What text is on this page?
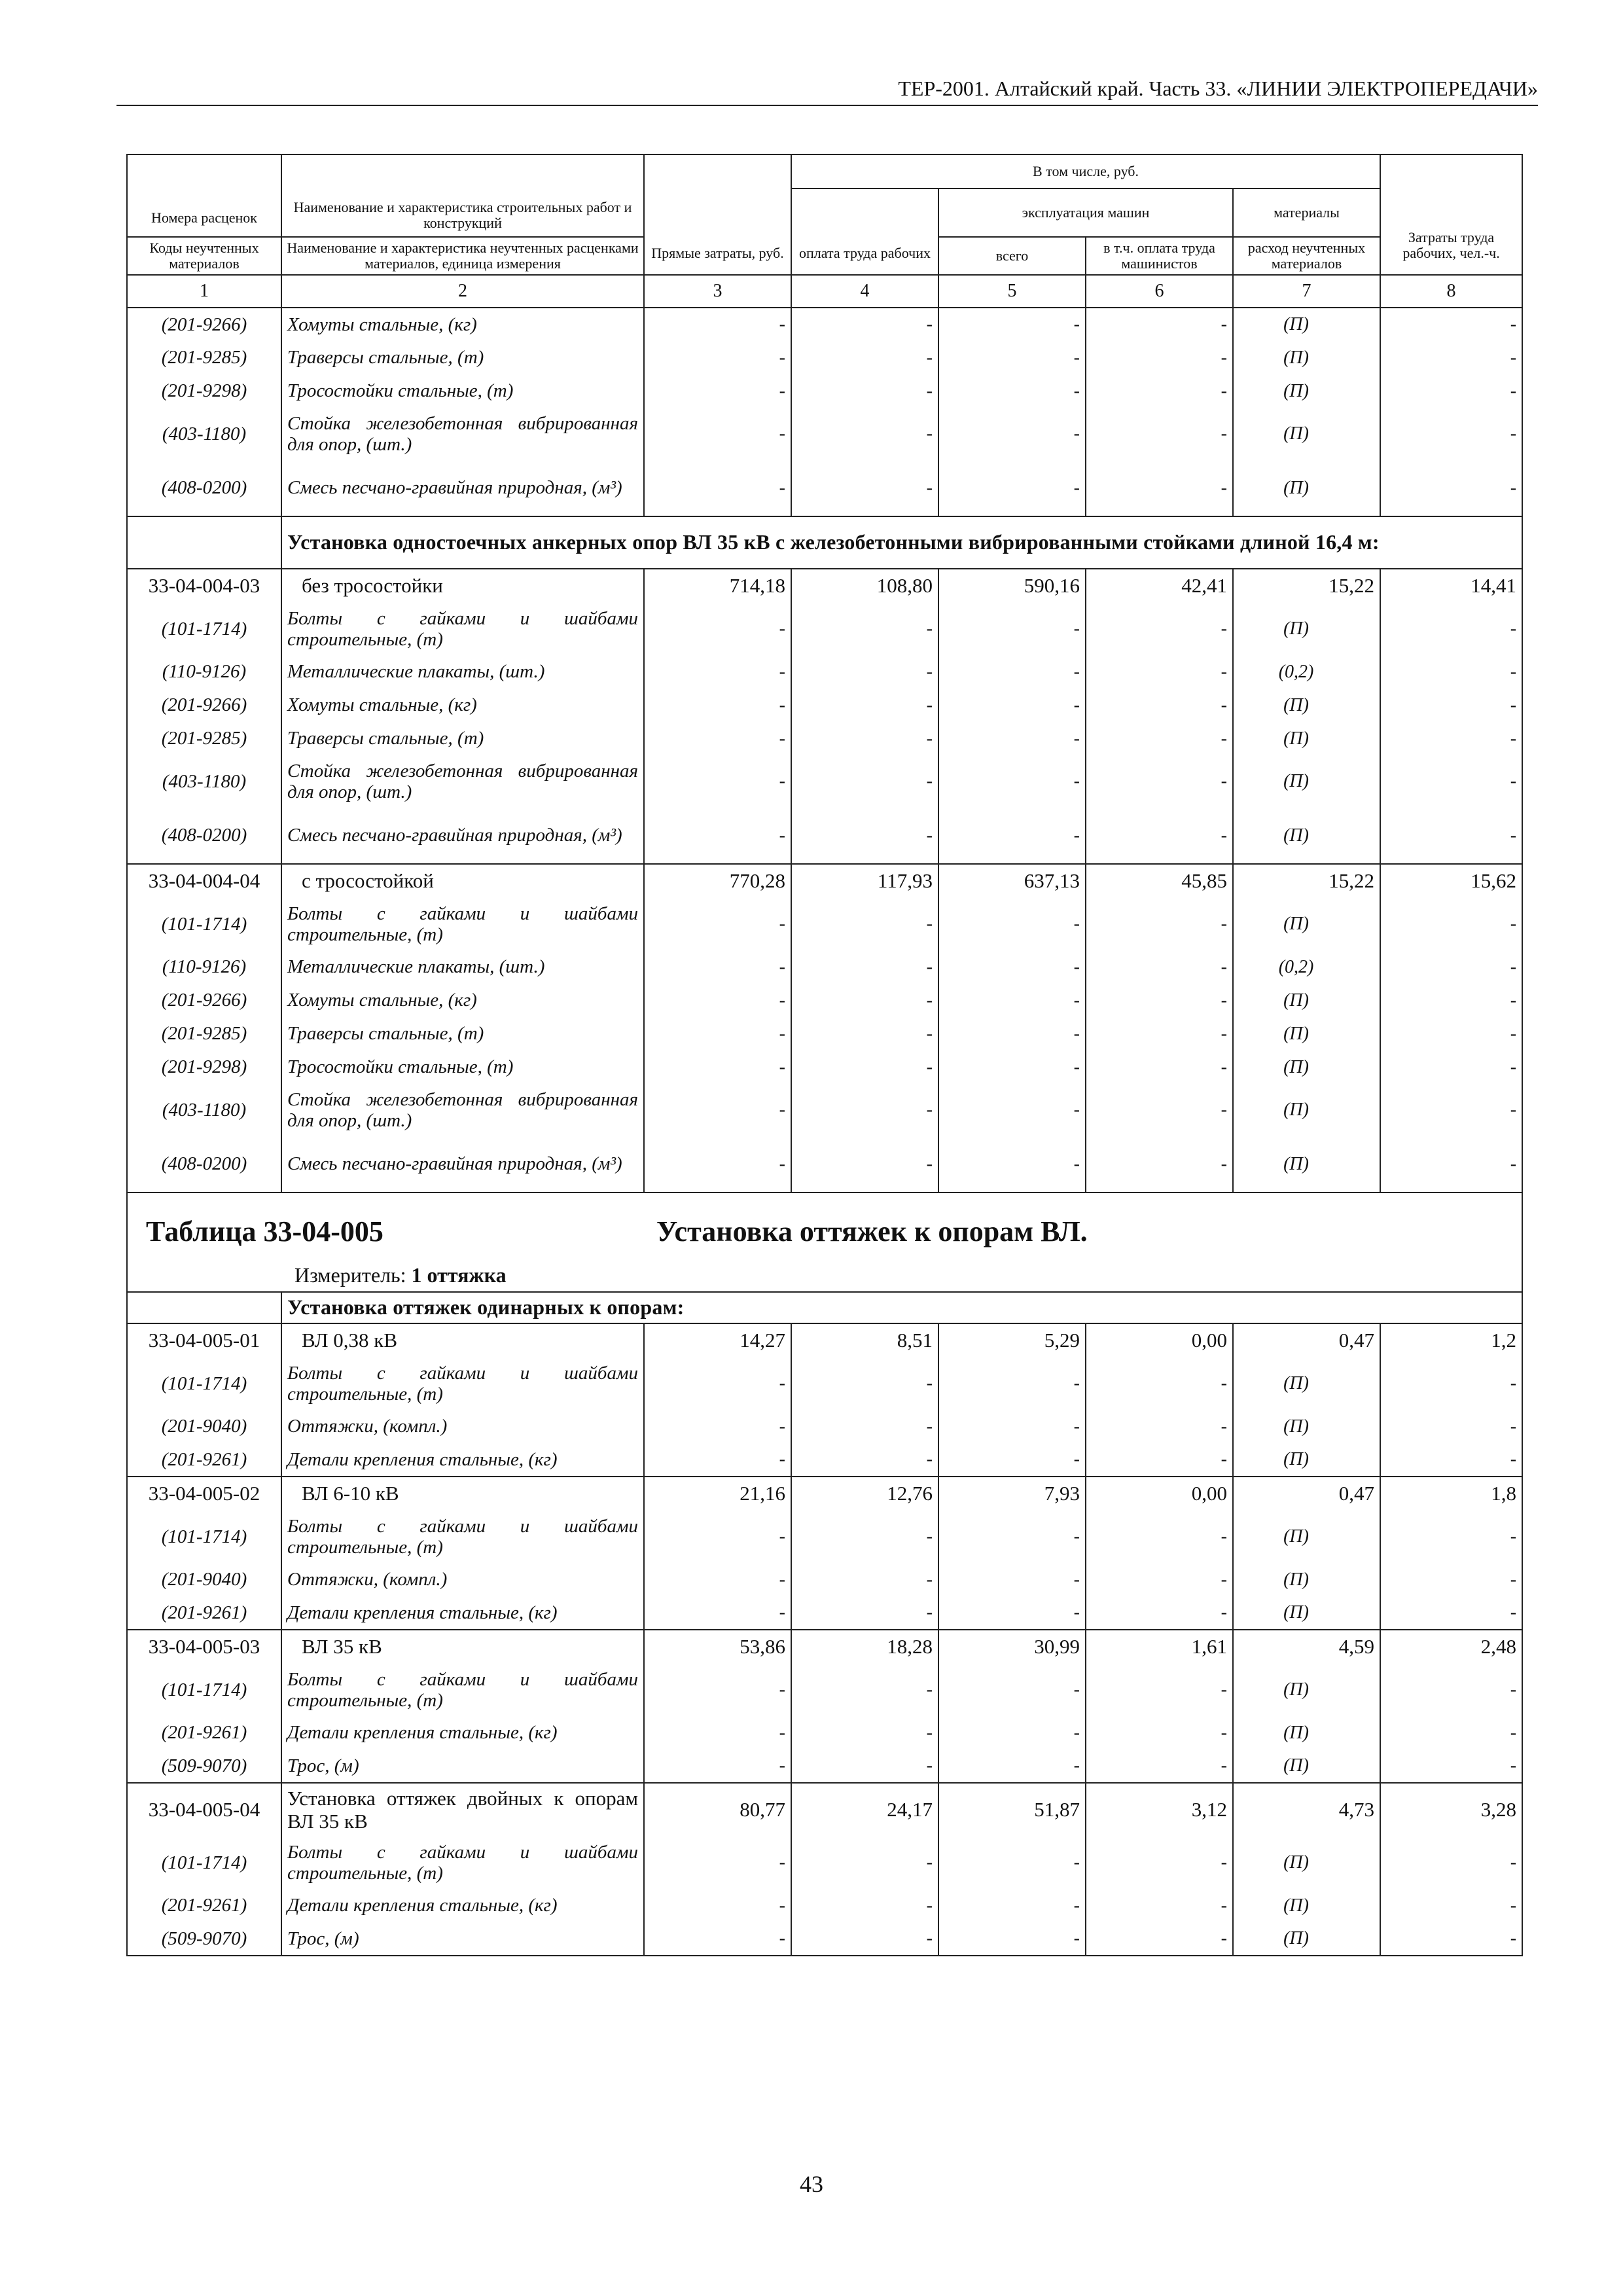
ТЕР-2001. Алтайский край. Часть 33. «ЛИНИИ ЭЛЕКТРОПЕРЕДАЧИ»
Номера расценок	Наименование и характеристика строительных работ и конструкций	Прямые затраты, руб.	В том числе, руб.				Затраты труда рабочих, чел.-ч.
			оплата труда рабочих	эксплуатация машин		материалы	

Коды неучтенных материалов	Наименование и характеристика неучтенных расценками материалов, единица измерения			всего	в т.ч. оплата труда машинистов	расход неучтенных материалов	

1	2	3	4	5	6	7	8
(201-9266)	Хомуты стальные, (кг)	-	-	-	-	(П)	-
(201-9285)	Траверсы стальные, (т)	-	-	-	-	(П)	-
(201-9298)	Тросостойки стальные, (т)	-	-	-	-	(П)	-
(403-1180)	Стойка железобетонная вибрированная для опор, (шт.)	-	-	-	-	(П)	-
(408-0200)	Смесь песчано-гравийная природная, (м³)	-	-	-	-	(П)	-
	Установка одностоечных анкерных опор ВЛ 35 кВ с железобетонными вибрированными стойками длиной 16,4 м:						
33-04-004-03	без тросостойки	714,18	108,80	590,16	42,41	15,22	14,41
(101-1714)	Болты с гайками и шайбами строительные, (т)	-	-	-	-	(П)	-
(110-9126)	Металлические плакаты, (шт.)	-	-	-	-	(0,2)	-
(201-9266)	Хомуты стальные, (кг)	-	-	-	-	(П)	-
(201-9285)	Траверсы стальные, (т)	-	-	-	-	(П)	-
(403-1180)	Стойка железобетонная вибрированная для опор, (шт.)	-	-	-	-	(П)	-
(408-0200)	Смесь песчано-гравийная природная, (м³)	-	-	-	-	(П)	-
33-04-004-04	с тросостойкой	770,28	117,93	637,13	45,85	15,22	15,62
(101-1714)	Болты с гайками и шайбами строительные, (т)	-	-	-	-	(П)	-
(110-9126)	Металлические плакаты, (шт.)	-	-	-	-	(0,2)	-
(201-9266)	Хомуты стальные, (кг)	-	-	-	-	(П)	-
(201-9285)	Траверсы стальные, (т)	-	-	-	-	(П)	-
(201-9298)	Тросостойки стальные, (т)	-	-	-	-	(П)	-
(403-1180)	Стойка железобетонная вибрированная для опор, (шт.)	-	-	-	-	(П)	-
(408-0200)	Смесь песчано-гравийная природная, (м³)	-	-	-	-	(П)	-

Таблица 33-04-005 Установка оттяжек к опорам ВЛ.
Измеритель: 1 оттяжка							

	Установка оттяжек одинарных к опорам:						
33-04-005-01	ВЛ 0,38 кВ	14,27	8,51	5,29	0,00	0,47	1,2
(101-1714)	Болты с гайками и шайбами строительные, (т)	-	-	-	-	(П)	-
(201-9040)	Оттяжки, (компл.)	-	-	-	-	(П)	-
(201-9261)	Детали крепления стальные, (кг)	-	-	-	-	(П)	-
33-04-005-02	ВЛ 6-10 кВ	21,16	12,76	7,93	0,00	0,47	1,8
(101-1714)	Болты с гайками и шайбами строительные, (т)	-	-	-	-	(П)	-
(201-9040)	Оттяжки, (компл.)	-	-	-	-	(П)	-
(201-9261)	Детали крепления стальные, (кг)	-	-	-	-	(П)	-
33-04-005-03	ВЛ 35 кВ	53,86	18,28	30,99	1,61	4,59	2,48
(101-1714)	Болты с гайками и шайбами строительные, (т)	-	-	-	-	(П)	-
(201-9261)	Детали крепления стальные, (кг)	-	-	-	-	(П)	-
(509-9070)	Трос, (м)	-	-	-	-	(П)	-
33-04-005-04	Установка оттяжек двойных к опорам ВЛ 35 кВ	80,77	24,17	51,87	3,12	4,73	3,28
(101-1714)	Болты с гайками и шайбами строительные, (т)	-	-	-	-	(П)	-
(201-9261)	Детали крепления стальные, (кг)	-	-	-	-	(П)	-
(509-9070)	Трос, (м)	-	-	-	-	(П)	-
43
